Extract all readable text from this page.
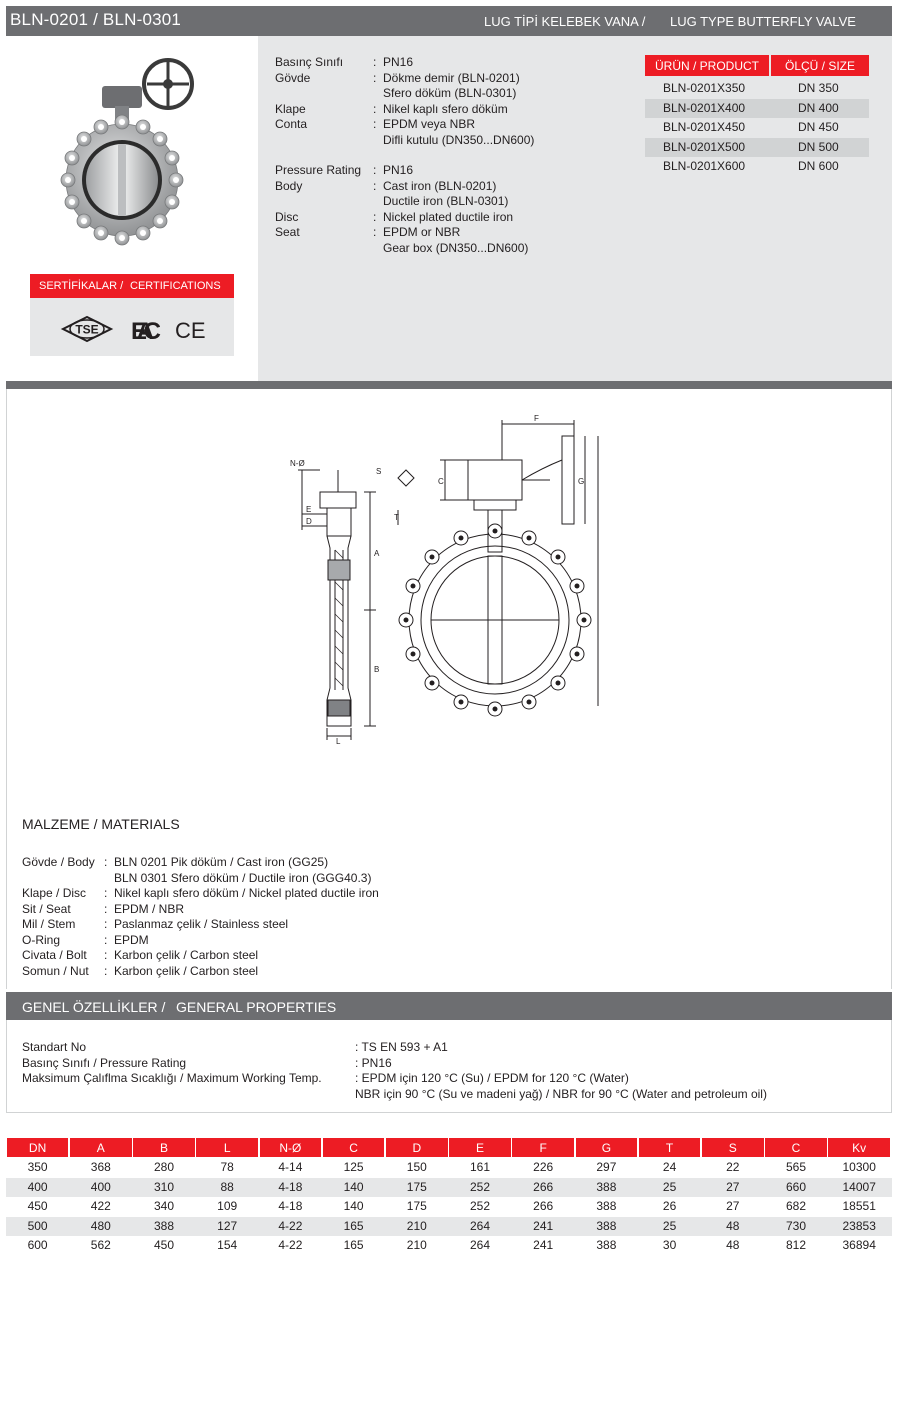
BLN-0201 / BLN-0301	LUG TİPİ KELEBEK VANA / LUG TYPE BUTTERFLY VALVE
Basınç Sınıfı : PN16
Gövde	: Dökme demir (BLN-0201)
Sfero döküm (BLN-0301)
Klape	: Nikel kaplı sfero döküm
Conta	: EPDM veya NBR
Difli kutulu (DN350...DN600)
Pressure Rating : PN16
Body	: Cast iron (BLN-0201)
Ductile iron (BLN-0301)
Disc	: Nickel plated ductile iron
Seat	: EPDM or NBR
Gear box (DN350...DN600)
ÜRÜN / PRODUCT	ÖLÇÜ / SIZE
BLN-0201X350	DN 350
BLN-0201X400	DN 400
BLN-0201X450	DN 450
BLN-0201X500	DN 500
BLN-0201X600	DN 600
SERTİFİKALAR / CERTIFICATIONS
TSE EAC CE
N-Ø
S
T
A
B
L
D
E
F
C	G
MALZEME / MATERIALS
Gövde / Body : BLN 0201 Pik döküm / Cast iron (GG25)
BLN 0301 Sfero döküm / Ductile iron (GGG40.3)
Klape / Disc : Nikel kaplı sfero döküm / Nickel plated ductile iron
Sit / Seat	: EPDM / NBR
Mil / Stem : Paslanmaz çelik / Stainless steel
O-Ring	: EPDM
Civata / Bolt : Karbon çelik / Carbon steel
Somun / Nut : Karbon çelik / Carbon steel
GENEL ÖZELLİKLER / GENERAL PROPERTIES
Standart No	: TS EN 593 + A1
Basınç Sınıfı / Pressure Rating	: PN16
Maksimum Çalıflma Sıcaklığı / Maximum Working Temp.	: EPDM için 120 °C (Su) / EPDM for 120 °C (Water)
NBR için 90 °C (Su ve madeni yağ) / NBR for 90 °C (Water and petroleum oil)
DN	A	B	L	N-Ø	C	D	E	F	G	T	S	C	Kv
350	368	280	78	4-14	125	150	161	226	297	24	22	565	10300
400	400	310	88	4-18	140	175	252	266	388	25	27	660	14007
450	422	340	109	4-18	140	175	252	266	388	26	27	682	18551
500	480	388	127	4-22	165	210	264	241	388	25	48	730	23853
600	562	450	154	4-22	165	210	264	241	388	30	48	812	36894
